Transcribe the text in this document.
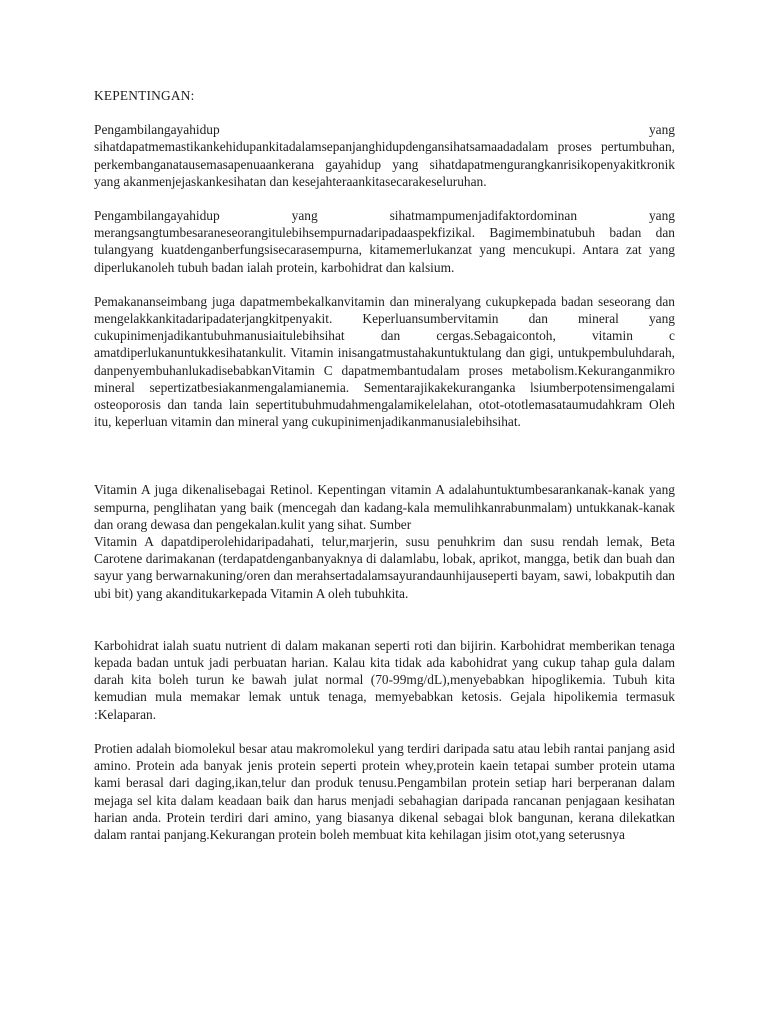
KEPENTINGAN:

Pengambilangayahidup yang sihatdapatmemastikankehidupankitadalamsepanjanghidupdengansihatsamaadadalam proses pertumbuhan, perkembanganatausemasapenuaankerana gayahidup yang sihatdapatmengurangkanrisikopenyakitkronik yang akanmenjejaskankesihatan dan kesejahteraankitasecarakeseluruhan.

Pengambilangayahidup yang sihatmampumenjadifaktordominan yang merangsangtumbesaraneseorangitulebihsempurnadaripadaaspekfizikal. Bagimembinatubuh badan dan tulangyang kuatdenganberfungsisecarasempurna, kitamemerlukanzat yang mencukupi. Antara zat yang diperlukanoleh tubuh badan ialah protein, karbohidrat dan kalsium.

Pemakananseimbang juga dapatmembekalkanvitamin dan mineralyang cukupkepada badan seseorang dan mengelakkankitadaripadaterjangkitpenyakit. Keperluansumbervitamin dan mineral yang cukupinimenjadikantubuhmanusiaitulebihsihat dan cergas.Sebagaicontoh, vitamin c amatdiperlukanuntukkesihatankulit. Vitamin inisangatmustahakuntuktulang dan gigi, untukpembuluhdarah, danpenyembuhanlukadisebabkanVitamin C dapatmembantudalam proses metabolism.Kekuranganmikro mineral sepertizatbesiakanmengalamianemia. Sementarajikakekuranganka lsiumberpotensimengalami osteoporosis dan tanda lain sepertitubuhmudahmengalamikelelahan, otot-ototlemasataumudahkram Oleh itu, keperluan vitamin dan mineral yang cukupinimenjadikanmanusialebihsihat.

Vitamin A juga dikenalisebagai Retinol. Kepentingan vitamin A adalahuntuktumbesarankanak-kanak yang sempurna, penglihatan yang baik (mencegah dan kadang-kala memulihkanrabunmalam) untukkanak-kanak dan orang dewasa dan pengekalan.kulit yang sihat. Sumber

Vitamin A dapatdiperolehidaripadahati, telur,marjerin, susu penuhkrim dan susu rendah lemak, Beta Carotene darimakanan (terdapatdenganbanyaknya di dalamlabu, lobak, aprikot, mangga, betik dan buah dan sayur yang berwarnakuning/oren dan merahsertadalamsayurandaunhijauseperti bayam, sawi, lobakputih dan ubi bit) yang akanditukarkepada Vitamin A oleh tubuhkita.

Karbohidrat ialah suatu nutrient di dalam makanan seperti roti dan bijirin. Karbohidrat memberikan tenaga kepada badan untuk jadi perbuatan harian. Kalau kita tidak ada kabohidrat yang cukup tahap gula dalam darah kita boleh turun ke bawah julat normal (70-99mg/dL),menyebabkan hipoglikemia. Tubuh kita kemudian mula memakar lemak untuk tenaga, memyebabkan ketosis. Gejala hipolikemia termasuk :Kelaparan.

Protien adalah biomolekul besar atau makromolekul yang terdiri daripada satu atau lebih rantai panjang asid amino. Protein ada banyak jenis protein seperti protein whey,protein kaein tetapai sumber protein utama kami berasal dari daging,ikan,telur dan produk tenusu.Pengambilan protein setiap hari berperanan dalam mejaga sel kita dalam keadaan baik dan harus menjadi sebahagian daripada rancanan penjagaan kesihatan harian anda. Protein terdiri dari amino, yang biasanya dikenal sebagai blok bangunan, kerana dilekatkan dalam rantai panjang.Kekurangan protein boleh membuat kita kehilagan jisim otot,yang seterusnya
